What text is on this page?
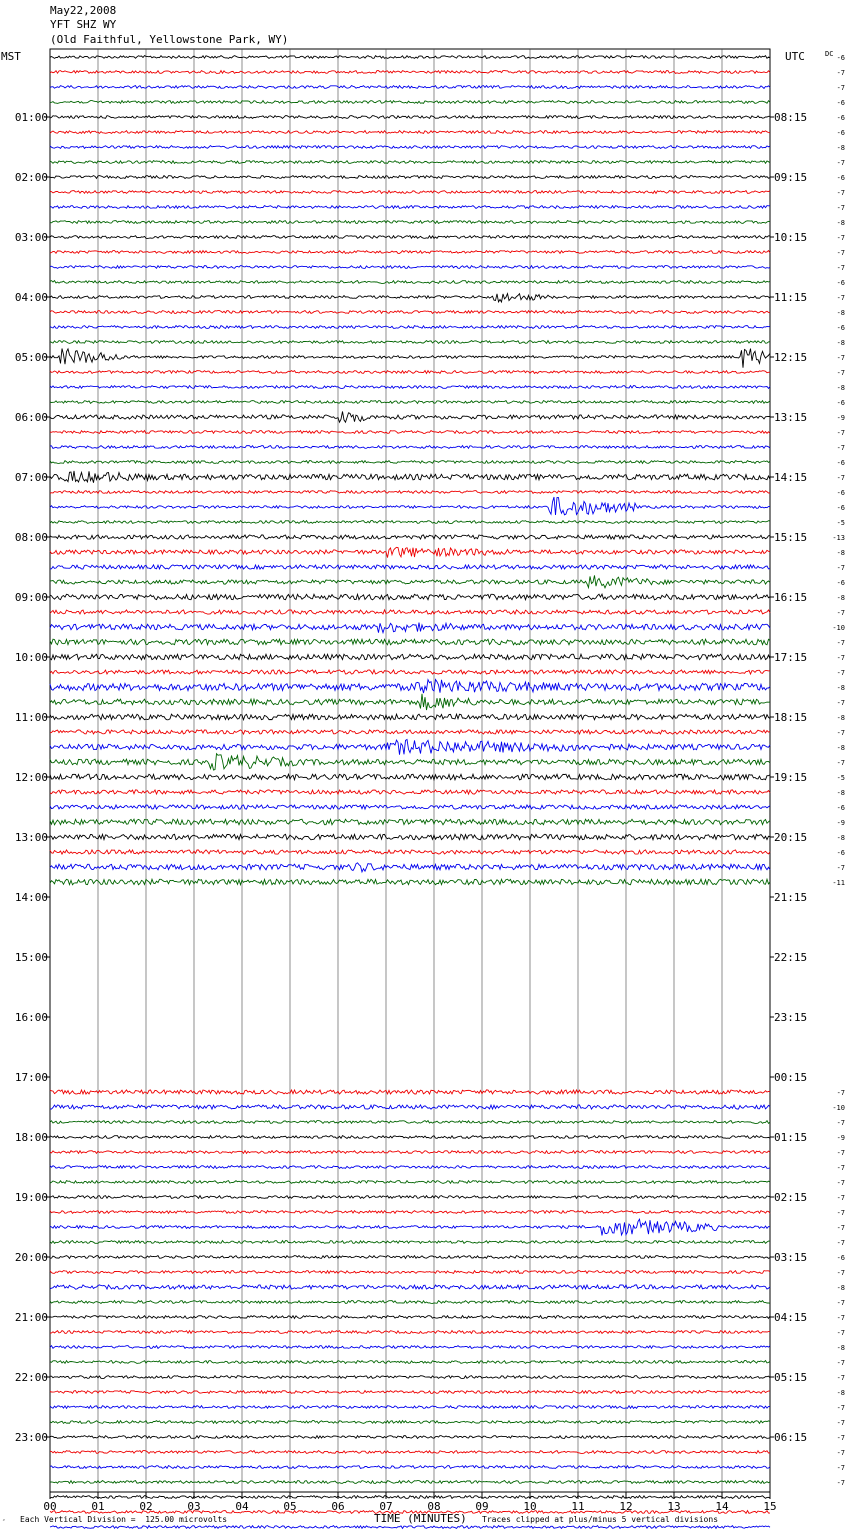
May22,2008
YFT SHZ WY
(Old Faithful, Yellowstone Park, WY)
MST	UTC	DC
01:00	08:15
02:00	09:15
03:00	10:15
04:00	11:15
05:00	12:15
06:00	13:15
07:00	14:15
08:00	15:15
09:00	16:15
10:00	17:15
11:00	18:15
12:00	19:15
13:00	20:15
14:00	21:15
15:00	22:15
16:00	23:15
17:00	00:15
18:00	01:15
19:00	02:15
20:00	03:15
21:00	04:15
22:00	05:15
23:00	06:15
00	01	02	03	04	05	06	07	08	09	10	11	12	13	14	15
-6
-7
-7
-6
-6
-6
-8
-7
-6
-7
-7
-8
-7
-7
-7
-6
-7
-8
-6
-8
-7
-7
-8
-6
-9
-7
-7
-6
-7
-6
-6
-5
-13
-8
-7
-6
-8
-7
-10
-7
-7
-7
-8
-7
-8
-7
-8
-7
-5
-8
-6
-9
-8
-6
-7
-11
-7
-10
-7
-9
-7
-7
-7
-7
-7
-7
-7
-6
-7
-8
-7
-7
-7
-8
-7
-7
-8
-7
-7
-7
-7
-7
-7
″ Each Vertical Division =  125.00 microvolts	TIME (MINUTES) Traces clipped at plus/minus 5 vertical divisions
